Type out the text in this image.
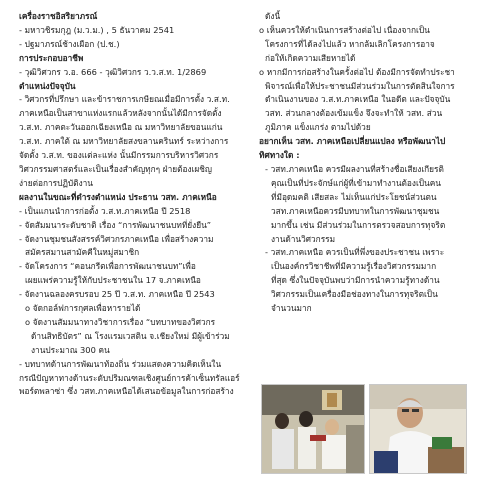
เครื่องราชอิสริยาภรณ์
- มหาวชิรมกุฎ (ม.ว.ม.) , 5 ธันวาคม 2541
- ปฐมาภรณ์ช้างเผือก (ป.ช.)
การประกอบอาชีพ
- วุฒิวิศวกร ว.อ. 666 - วุฒิวิศวกร ว.ว.ส.ท. 1/2869
ตำแหน่งปัจจุบัน
- วิศวกรที่ปรึกษา และข้าราชการเกษียณเมื่อมีการตั้ง ว.ส.ท.
ภาคเหนือเป็นสาขาแห่งแรกแล้วหลังจากนั้นได้มีการจัดตั้ง
ว.ส.ท. ภาคตะวันออกเฉียงเหนือ ณ มหาวิทยาลัยขอนแก่น
ว.ส.ท. ภาคใต้ ณ มหาวิทยาลัยสงขลานครินทร์ ระหว่างการ
จัดตั้ง ว.ส.ท. ของแต่ละแห่ง นั้นมีกรรมการบริหารวิศวกร
วิศวกรรมศาสตร์และเป็นเรื่องสำคัญทุกๆ ฝ่ายต้องเผชิญ
ง่ายต่อการปฏิบัติงาน
ผลงานในขณะที่ดำรงตำแหน่ง ประธาน วสท. ภาคเหนือ
- เป็นแกนนำการก่อตั้ง ว.ส.ท.ภาคเหนือ ปี 2518
- จัดสัมมนาระดับชาติ เรื่อง “การพัฒนาชนบทที่ยั่งยืน”
- จัดงานชุมชนสังสรรค์วิศวกรภาคเหนือ เพื่อสร้างความ
สมัครสมานสามัคคีในหมู่สมาชิก
- จัดโครงการ “คอนกรีตเพื่อการพัฒนาชนบท”เพื่อ
เผยแพร่ความรู้ให้กับประชาชนใน 17 จ.ภาคเหนือ
- จัดงานฉลองครบรอบ 25 ปี ว.ส.ท. ภาคเหนือ ปี 2543
o จัดกอล์ฟการกุศลเพื่อหารายได้
o จัดงานสัมมนาทางวิชาการเรื่อง “บทบาทของวิศวกร
ด้านสิทธิบัตร” ณ โรงแรมเวสติน จ.เชียงใหม่ มีผู้เข้าร่วม
งานประมาณ 300 คน
- บทบาทด้านการพัฒนาท้องถิ่น ร่วมแสดงความคิดเห็นใน
กรณีปัญหาทางด้านระดับปริมณฑลเชิงศูนย์การค้าเซ็นทรัลแอร์
พอร์ตพลาซ่า ซึ่ง วสท.ภาคเหนือได้เสนอข้อมูลในการก่อสร้าง
ดังนี้
o เห็นควรให้ดำเนินการสร้างต่อไป เนื่องจากเป็น
โครงการที่ได้ลงไปแล้ว หากล้มเลิกโครงการอาจ
ก่อให้เกิดความเสียหายได้
o หากมีการก่อสร้างในครั้งต่อไป ต้องมีการจัดทำประชา
พิจารณ์เพื่อให้ประชาชนมีส่วนร่วมในการตัดสินใจการ
ดำเนินงานของ ว.ส.ท.ภาคเหนือ ในอดีต และปัจจุบัน
วสท. ส่วนกลางต้องเข้มแข็ง จึงจะทำให้ วสท. ส่วน
ภูมิภาค แข็งแกร่ง ตามไปด้วย
อยากเห็น วสท. ภาคเหนือเปลี่ยนแปลง หรือพัฒนาไป
ทิศทางใด :
- วสท.ภาคเหนือ ควรมีผลงานที่สร้างชื่อเสียงเกียรติ
คุณเป็นที่ประจักษ์แก่ผู้ที่เข้ามาทำงานต้องเป็นคน
ที่มีอุดมคติ เสียสละ ไม่เห็นแก่ประโยชน์ส่วนตน
วสท.ภาคเหนือควรมีบทบาทในการพัฒนาชุมชน
มากขึ้น เช่น มีส่วนร่วมในการตรวจสอบการทุจริต
งานด้านวิศวกรรม
- วสท.ภาคเหนือ ควรเป็นที่พึ่งของประชาชน เพราะ
เป็นองค์กรวิชาชีพที่มีความรู้เรื่องวิศวกรรมมาก
ที่สุด ซึ่งในปัจจุบันพบว่ามีการนำความรู้ทางด้าน
วิศวกรรมเป็นเครื่องมือช่องทางในการทุจริตเป็น
จำนวนมาก
